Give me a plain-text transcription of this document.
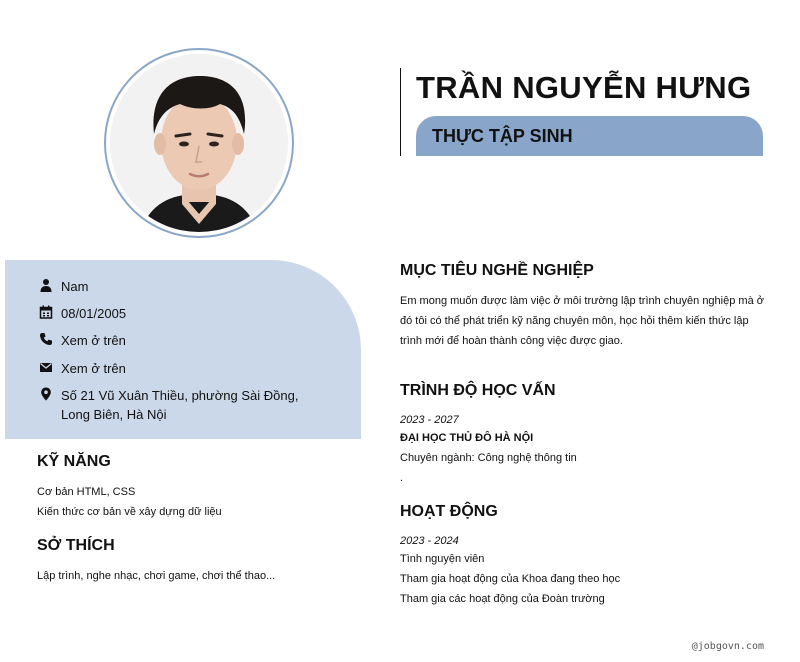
TRẦN NGUYỄN HƯNG
THỰC TẬP SINH
Nam
08/01/2005
Xem ở trên
Xem ở trên
Số 21 Vũ Xuân Thiều, phường Sài Đồng, Long Biên, Hà Nội
KỸ NĂNG
Cơ bản HTML, CSS
Kiến thức cơ bản về xây dựng dữ liệu
SỞ THÍCH
Lập trình, nghe nhạc, chơi game, chơi thể thao...
MỤC TIÊU NGHỀ NGHIỆP
Em mong muốn được làm việc ở môi trường lập trình chuyên nghiệp mà ở đó tôi có thể phát triển kỹ năng chuyên môn, học hỏi thêm kiến thức lập trình mới để hoàn thành công việc được giao.
TRÌNH ĐỘ HỌC VẤN
2023 - 2027
ĐẠI HỌC THỦ ĐÔ HÀ NỘI
Chuyên ngành: Công nghệ thông tin
.
HOẠT ĐỘNG
2023 - 2024
Tình nguyện viên
Tham gia hoạt động của Khoa đang theo học
Tham gia các hoạt động của Đoàn trường
@jobgovn.com
